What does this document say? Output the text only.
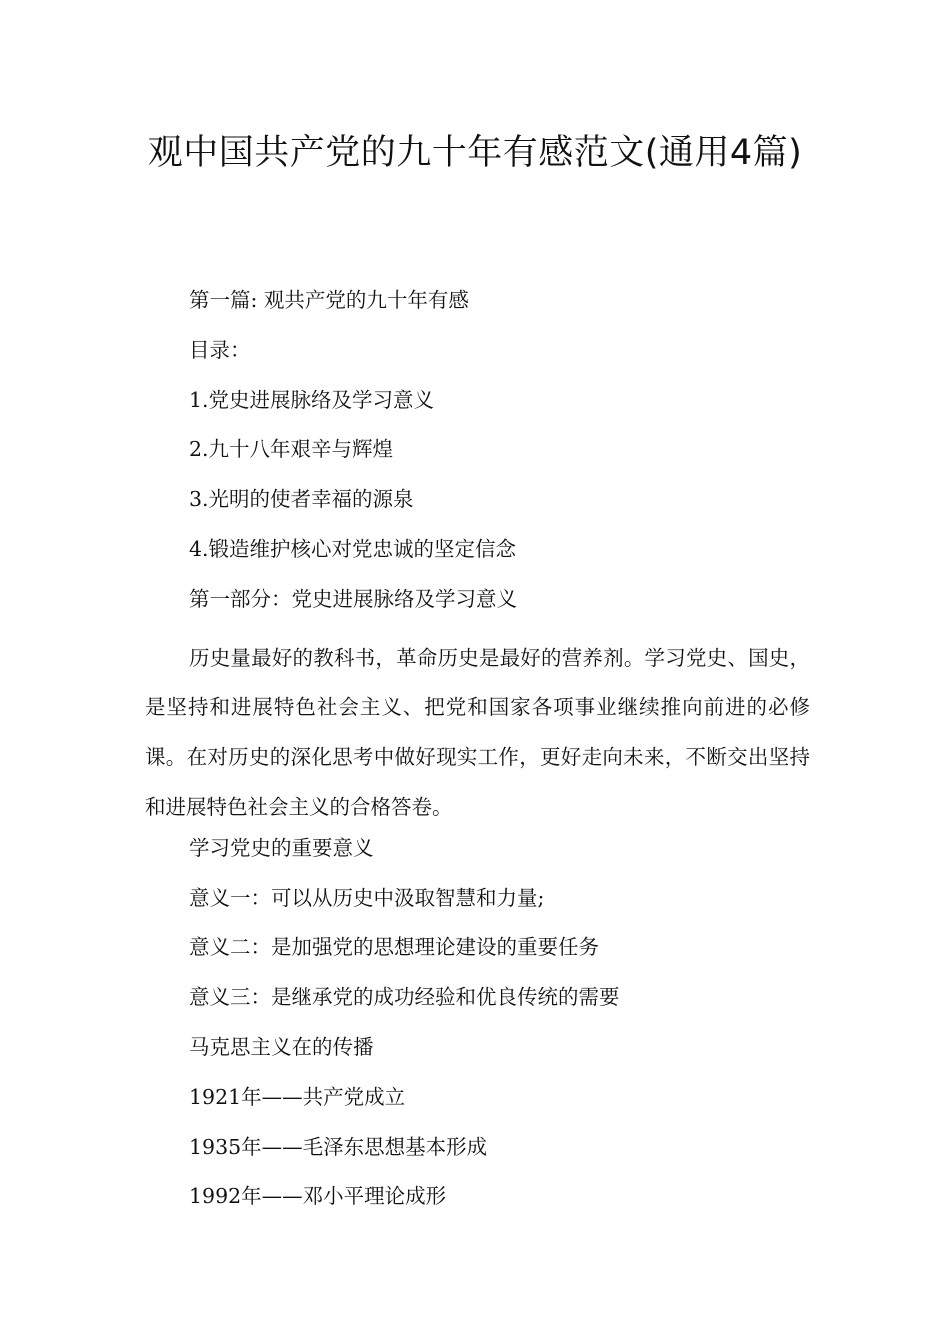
观中国共产党的九十年有感范文(通用4篇)
第一篇: 观共产党的九十年有感
目录：
1.党史进展脉络及学习意义
2.九十八年艰辛与辉煌
3.光明的使者幸福的源泉
4.锻造维护核心对党忠诚的坚定信念
第一部分：党史进展脉络及学习意义

历史量最好的教科书，革命历史是最好的营养剂。学习党史、国史，是坚持和进展特色社会主义、把党和国家各项事业继续推向前进的必修课。在对历史的深化思考中做好现实工作，更好走向未来，不断交出坚持和进展特色社会主义的合格答卷。

学习党史的重要意义
意义一：可以从历史中汲取智慧和力量;
意义二：是加强党的思想理论建设的重要任务
意义三：是继承党的成功经验和优良传统的需要
马克思主义在的传播
1921年——共产党成立
1935年——毛泽东思想基本形成
1992年——邓小平理论成形
